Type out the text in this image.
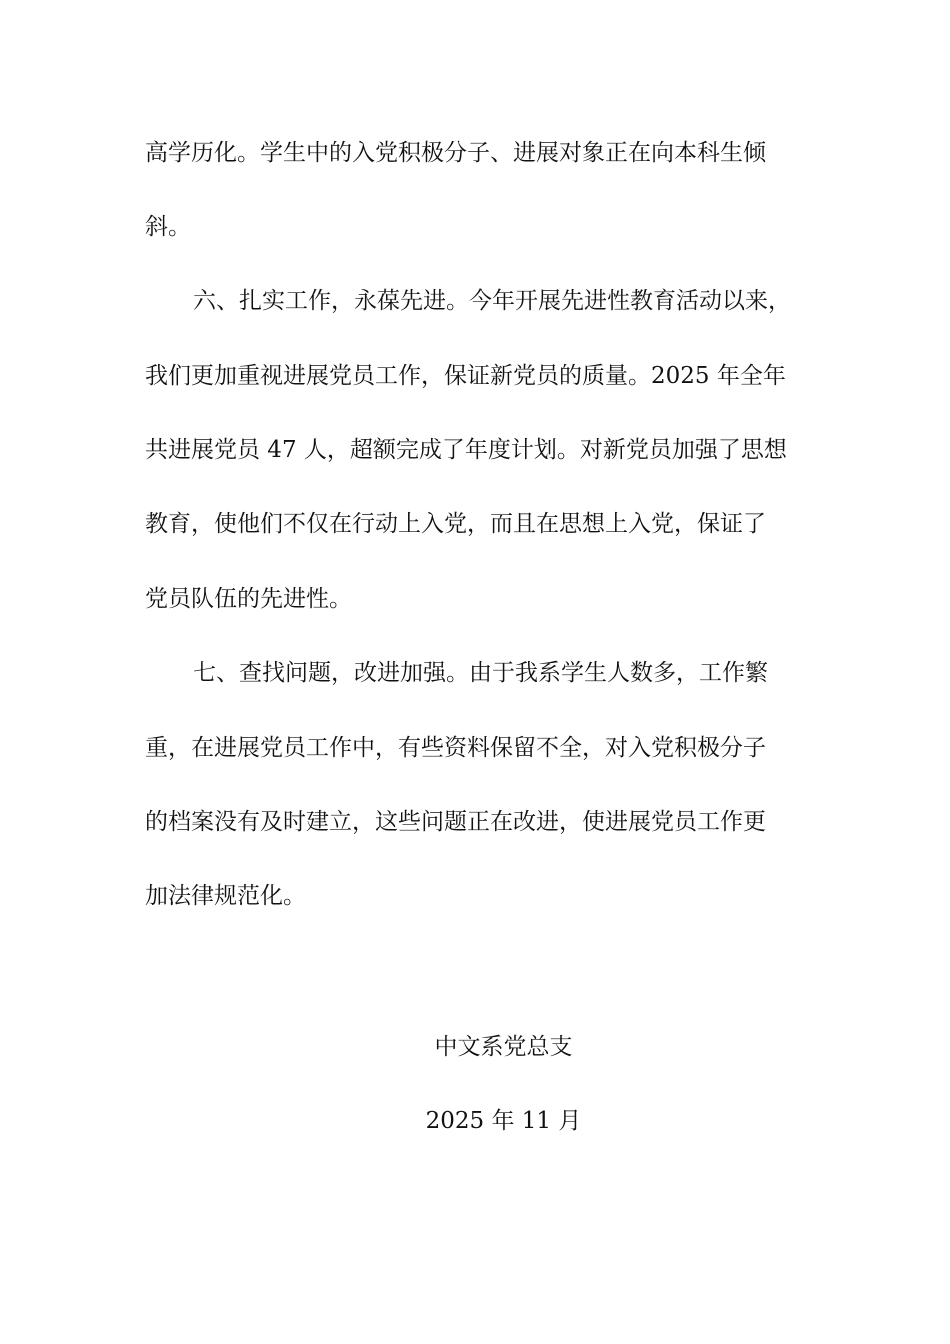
高学历化。学生中的入党积极分子、进展对象正在向本科生倾
斜。
六、扎实工作，永葆先进。今年开展先进性教育活动以来，
我们更加重视进展党员工作，保证新党员的质量。2025 年全年
共进展党员 47 人，超额完成了年度计划。对新党员加强了思想
教育，使他们不仅在行动上入党，而且在思想上入党，保证了
党员队伍的先进性。
七、查找问题，改进加强。由于我系学生人数多，工作繁
重，在进展党员工作中，有些资料保留不全，对入党积极分子
的档案没有及时建立，这些问题正在改进，使进展党员工作更
加法律规范化。
中文系党总支
2025 年 11 月
